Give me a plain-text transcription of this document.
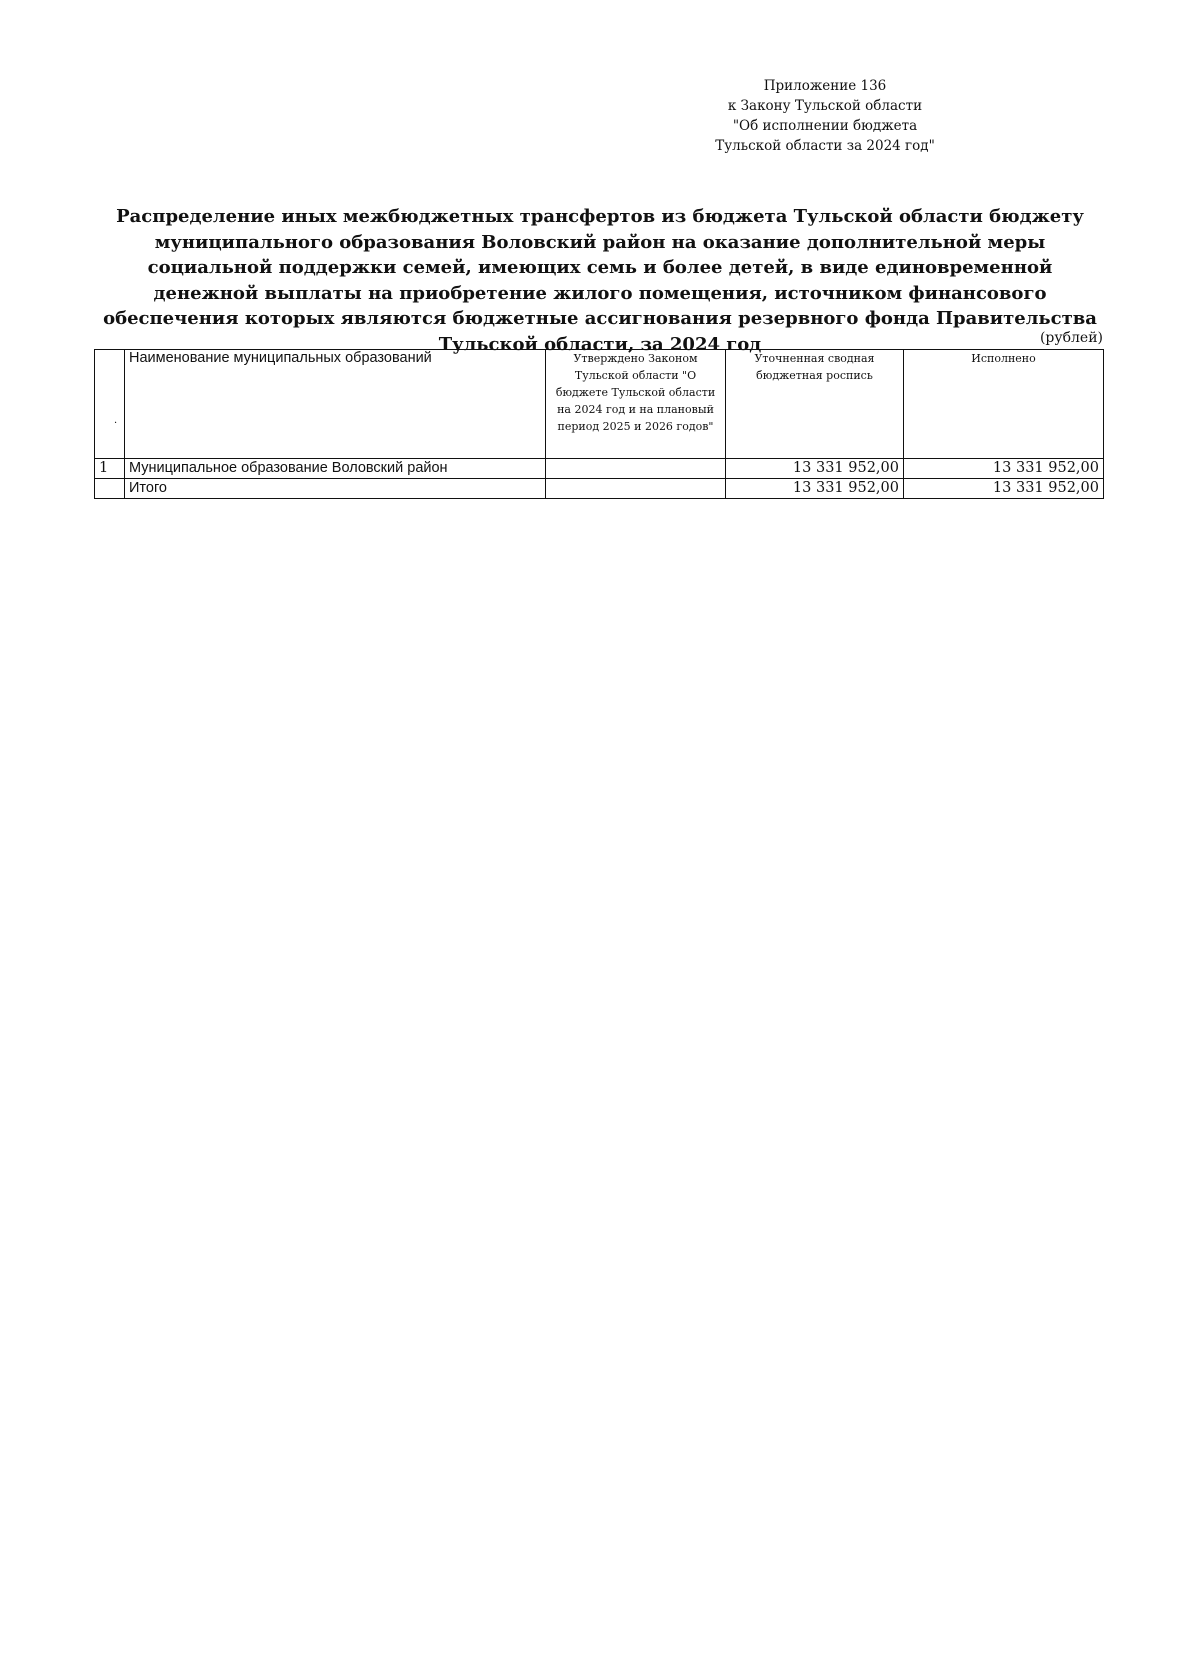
Приложение 136
к Закону Тульской области
"Об исполнении бюджета
Тульской области за 2024 год"
Распределение иных межбюджетных трансфертов из бюджета Тульской области бюджету муниципального образования Воловский район на оказание дополнительной меры социальной поддержки семей, имеющих семь и более детей, в виде единовременной денежной выплаты на приобретение жилого помещения, источником финансового обеспечения которых являются бюджетные ассигнования резервного фонда Правительства Тульской области, за 2024 год	(рублей)
·	Наименование муниципальных образований	Утверждено Законом Тульской области "О бюджете Тульской области на 2024 год и на плановый период 2025 и 2026 годов"	Уточненная сводная бюджетная роспись	Исполнено
1	Муниципальное образование Воловский район		13 331 952,00	13 331 952,00
	Итого		13 331 952,00	13 331 952,00
